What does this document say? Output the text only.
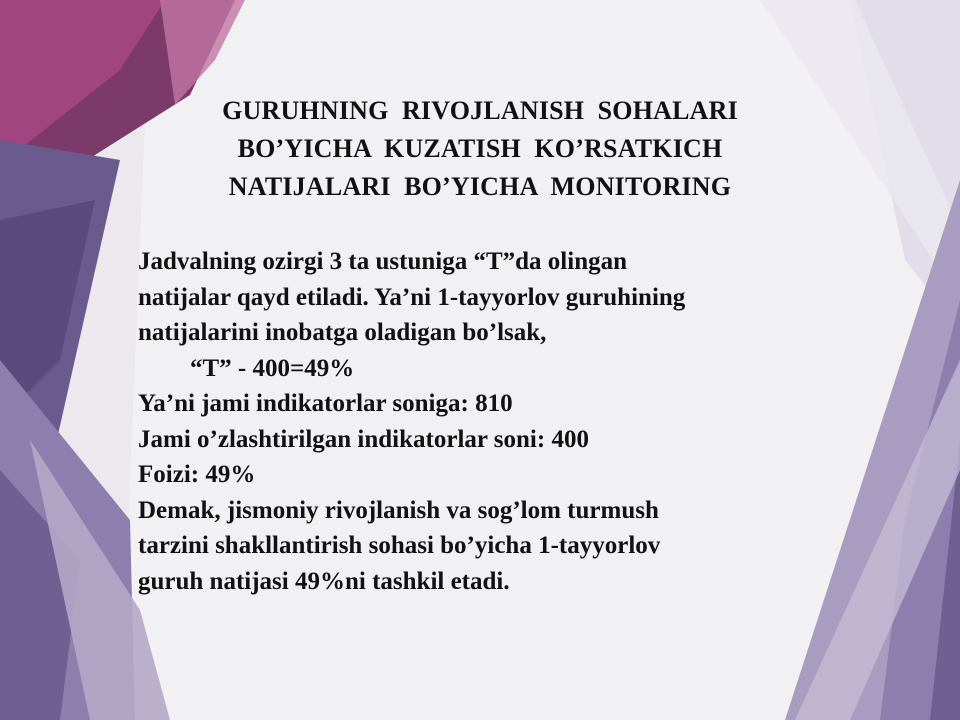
GURUHNING  RIVOJLANISH  SOHALARI
BO’YICHA  KUZATISH  KO’RSATKICH
NATIJALARI  BO’YICHA  MONITORING
Jadvalning ozirgi 3 ta ustuniga “T”da olingan
natijalar qayd etiladi. Ya’ni 1-tayyorlov guruhining
natijalarini inobatga oladigan bo’lsak,
“T” - 400=49%
Ya’ni jami indikatorlar soniga: 810
Jami o’zlashtirilgan indikatorlar soni: 400
Foizi: 49%
Demak, jismoniy rivojlanish va sog’lom turmush
tarzini shakllantirish sohasi bo’yicha 1-tayyorlov
guruh natijasi 49%ni tashkil etadi.
